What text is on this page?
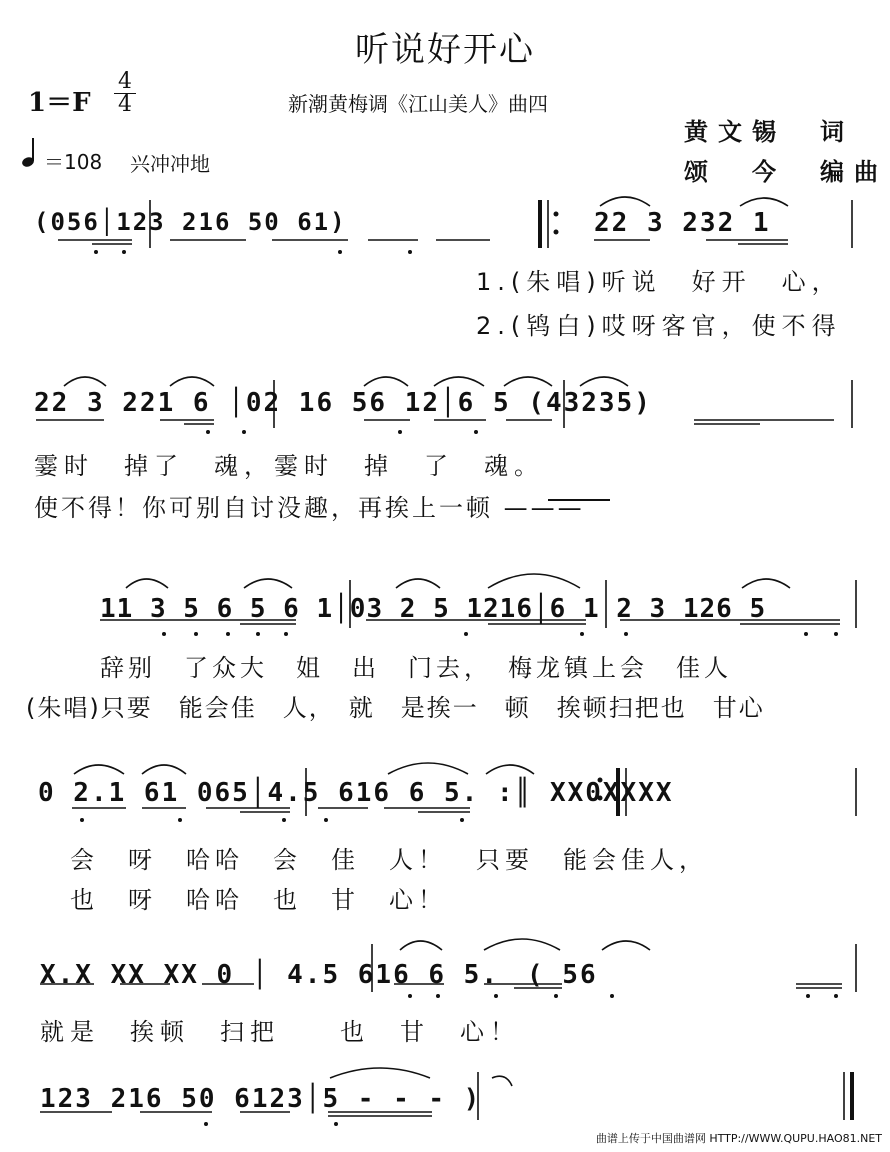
听说好开心
1＝F
4
4	新潮黄梅调《江山美人》曲四
＝108 兴冲冲地
黄文锡　词
颂　今　编曲
(056│123 216 50 61)	22 3 232 1
1.(朱唱)听说　好开　心，
2.(鸨白)哎呀客官，使不得
22 3 221 6 │02 16 56 12│6 5 (43235)
霎时　掉了　魂，霎时　掉　了　魂。
使不得！你可别自讨没趣，再挨上一顿 ———
11 3 5 6 5 6 1│03 2 5 1216│6 1 2 3 126 5
辞别　了众大　姐　出　门去，　梅龙镇上会　佳人
(朱唱)只要　能会佳　人，　就　是挨一　顿　挨顿扫把也　甘心
0 2.1 61 065│4.5 616 6 5. :║ XX0XXXX
会　呀　哈哈　会　佳　人！　只要　能会佳人，
也　呀　哈哈　也　甘　心！
X.X XX XX 0 │ 4.5 616 6 5.　( 56
就是　挨顿　扫把　　也　甘　心！
123 216 50 6123│5 - - - )
曲谱上传于中国曲谱网 HTTP://WWW.QUPU.HAO81.NET
